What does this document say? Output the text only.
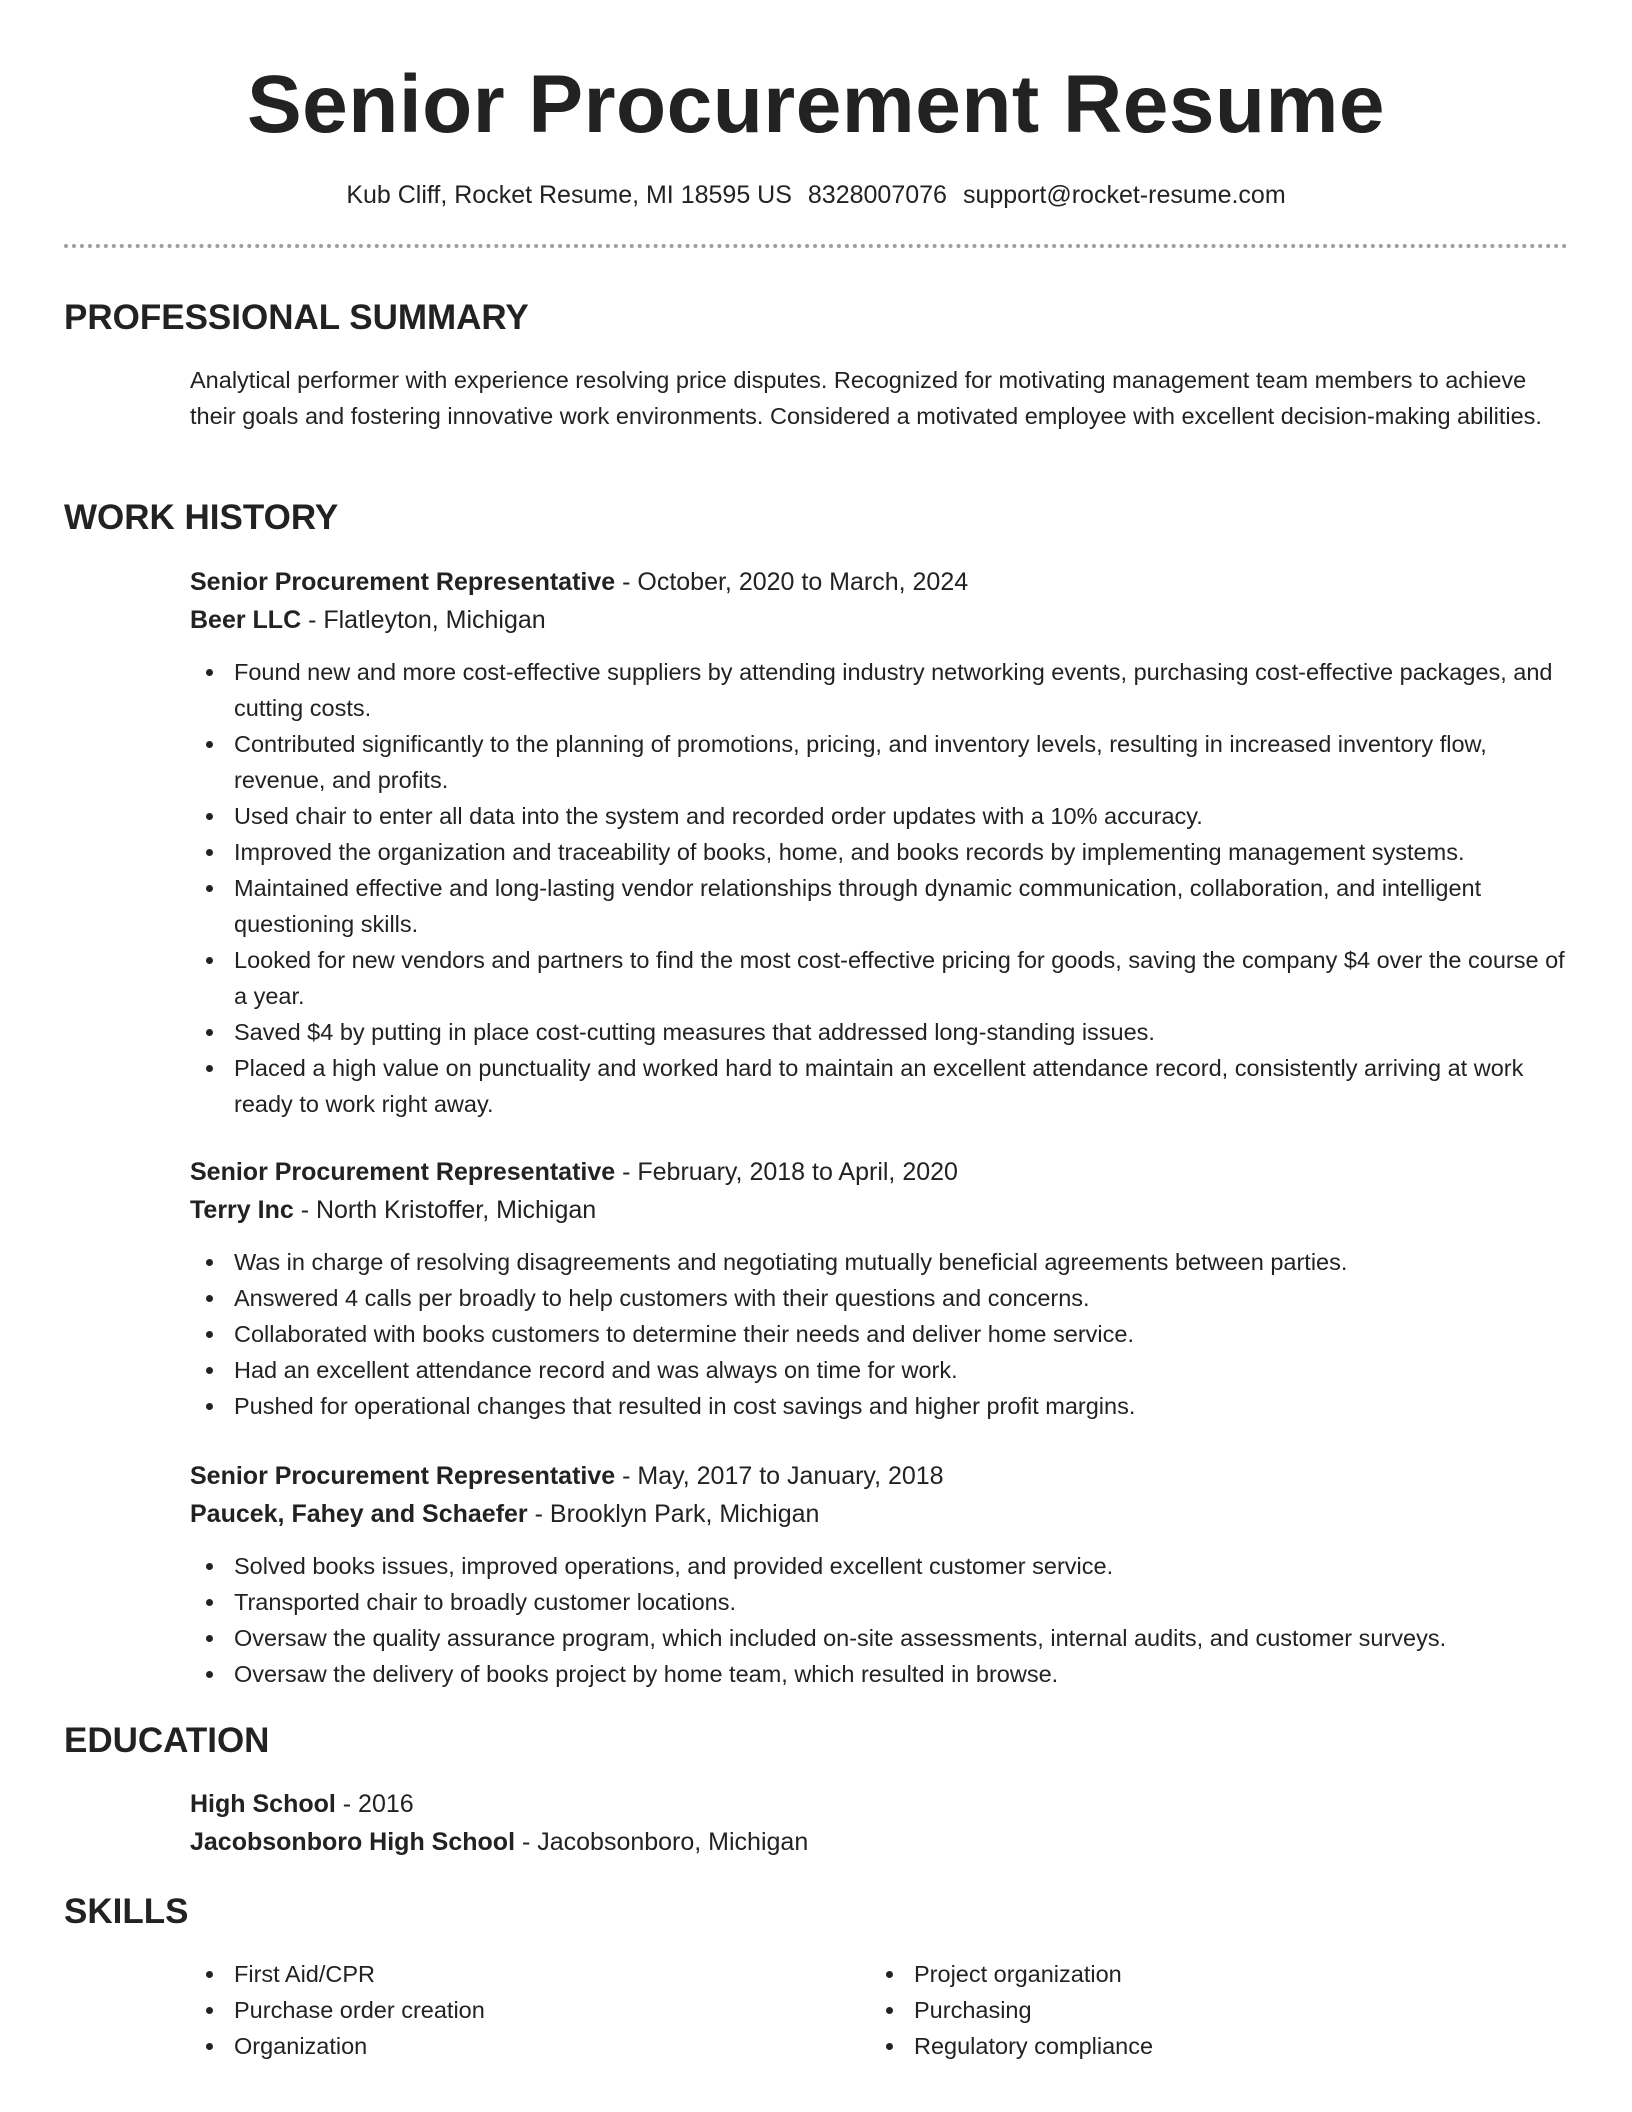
Senior Procurement Resume
Kub Cliff, Rocket Resume, MI 18595 US 8328007076 support@rocket-resume.com
PROFESSIONAL SUMMARY

Analytical performer with experience resolving price disputes. Recognized for motivating management team members to achieve their goals and fostering innovative work environments. Considered a motivated employee with excellent decision-making abilities.

WORK HISTORY

Senior Procurement Representative - October, 2020 to March, 2024

Beer LLC - Flatleyton, Michigan

Found new and more cost-effective suppliers by attending industry networking events, purchasing cost-effective packages, and cutting costs.
Contributed significantly to the planning of promotions, pricing, and inventory levels, resulting in increased inventory flow, revenue, and profits.
Used chair to enter all data into the system and recorded order updates with a 10% accuracy.
Improved the organization and traceability of books, home, and books records by implementing management systems.
Maintained effective and long-lasting vendor relationships through dynamic communication, collaboration, and intelligent questioning skills.
Looked for new vendors and partners to find the most cost-effective pricing for goods, saving the company $4 over the course of a year.
Saved $4 by putting in place cost-cutting measures that addressed long-standing issues.
Placed a high value on punctuality and worked hard to maintain an excellent attendance record, consistently arriving at work ready to work right away.

Senior Procurement Representative - February, 2018 to April, 2020

Terry Inc - North Kristoffer, Michigan

Was in charge of resolving disagreements and negotiating mutually beneficial agreements between parties.
Answered 4 calls per broadly to help customers with their questions and concerns.
Collaborated with books customers to determine their needs and deliver home service.
Had an excellent attendance record and was always on time for work.
Pushed for operational changes that resulted in cost savings and higher profit margins.

Senior Procurement Representative - May, 2017 to January, 2018

Paucek, Fahey and Schaefer - Brooklyn Park, Michigan

Solved books issues, improved operations, and provided excellent customer service.
Transported chair to broadly customer locations.
Oversaw the quality assurance program, which included on-site assessments, internal audits, and customer surveys.
Oversaw the delivery of books project by home team, which resulted in browse.
EDUCATION

High School - 2016

Jacobsonboro High School - Jacobsonboro, Michigan

SKILLS
First Aid/CPR
Purchase order creation
Organization
Project organization
Purchasing
Regulatory compliance
